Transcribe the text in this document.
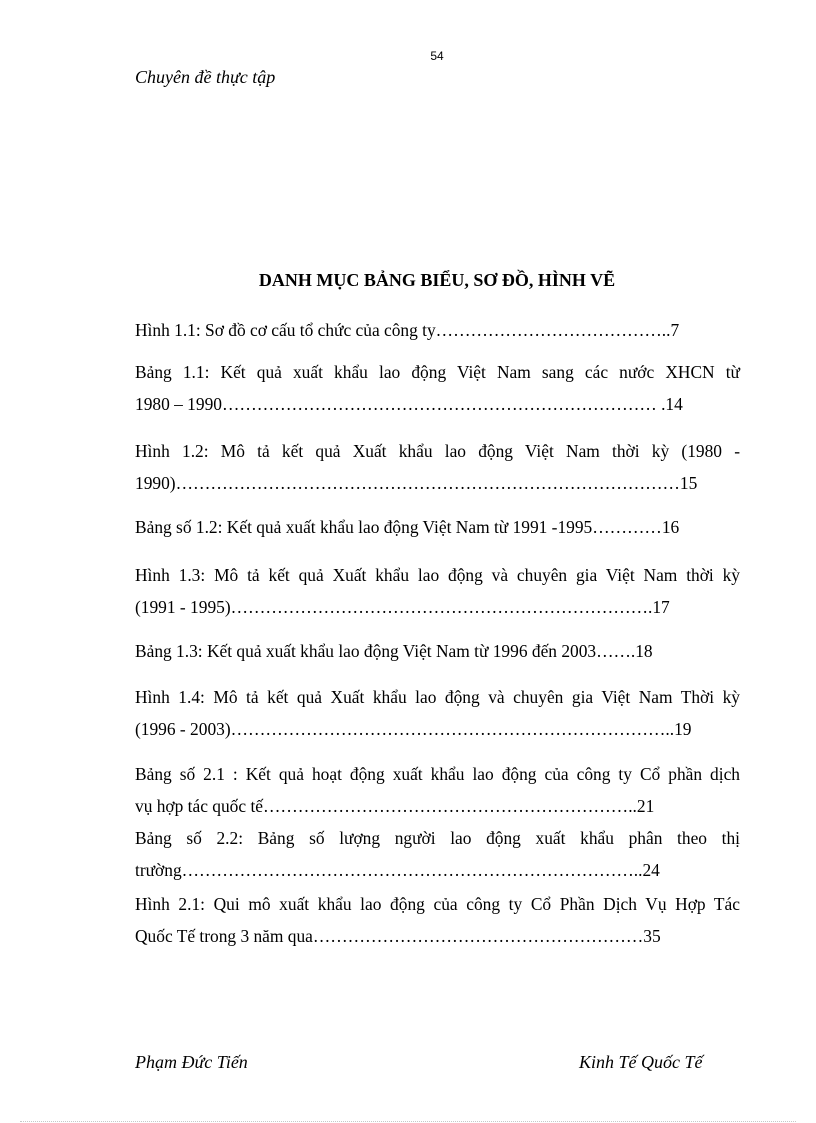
54
Chuyên đề thực tập
DANH MỤC BẢNG BIỂU, SƠ ĐỒ, HÌNH VẼ
Hình 1.1: Sơ đồ cơ cấu tổ chức của công ty…………………………………..7
Bảng 1.1: Kết quả xuất khẩu lao động Việt Nam sang các nước XHCN từ
1980 – 1990………………………………………………………………… .14
Hình 1.2: Mô tả kết quả Xuất khẩu lao động Việt Nam thời kỳ (1980 -
1990)……………………………………………………………………………15
Bảng số 1.2: Kết quả xuất khẩu lao động Việt Nam từ 1991 -1995…………16
Hình 1.3: Mô tả kết quả Xuất khẩu lao động và chuyên gia Việt Nam thời kỳ
(1991 - 1995)……………………………………………………………….17
Bảng 1.3: Kết quả xuất khẩu lao động Việt Nam từ 1996 đến 2003…….18
Hình 1.4: Mô tả kết quả Xuất khẩu lao động và chuyên gia Việt Nam Thời kỳ
(1996 - 2003)…………………………………………………………………..19
Bảng số 2.1 : Kết quả hoạt động xuất khẩu lao động của công ty Cổ phần dịch
vụ hợp tác quốc tế………………………………………………………..21
Bảng số 2.2: Bảng số lượng người lao động xuất khẩu phân theo thị
trường……………………………………………………………………..24
Hình 2.1: Qui mô xuất khẩu lao động của công ty Cổ Phần Dịch Vụ Hợp Tác
Quốc Tế trong 3 năm qua…………………………………………………35
Phạm Đức Tiến	Kinh Tế Quốc Tế
